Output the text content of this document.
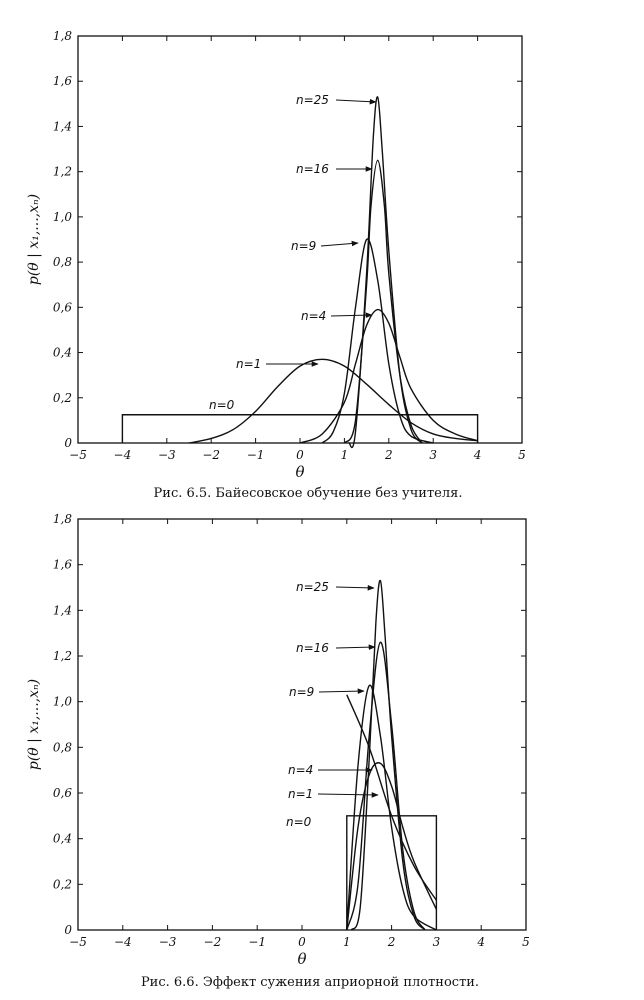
−5 −4 −3 −2 −1	0	1	2	3	4	5
0
0,2
0,4
0,6
0,8
1,0
1,2
1,4
1,6
1,8
θ
p(θ | x₁,...,xₙ)
n=0
n=1
n=4
n=9
n=16
n=25
Рис. 6.5. Байесовское обучение без учителя.
−5 −4 −3 −2 −1	0	1	2	3	4	5
0
0,2
0,4
0,6
0,8
1,0
1,2
1,4
1,6
1,8
θ
p(θ | x₁,...,xₙ)
n=0
n=1
n=4
n=9
n=16
n=25
Рис. 6.6. Эффект сужения априорной плотности.
